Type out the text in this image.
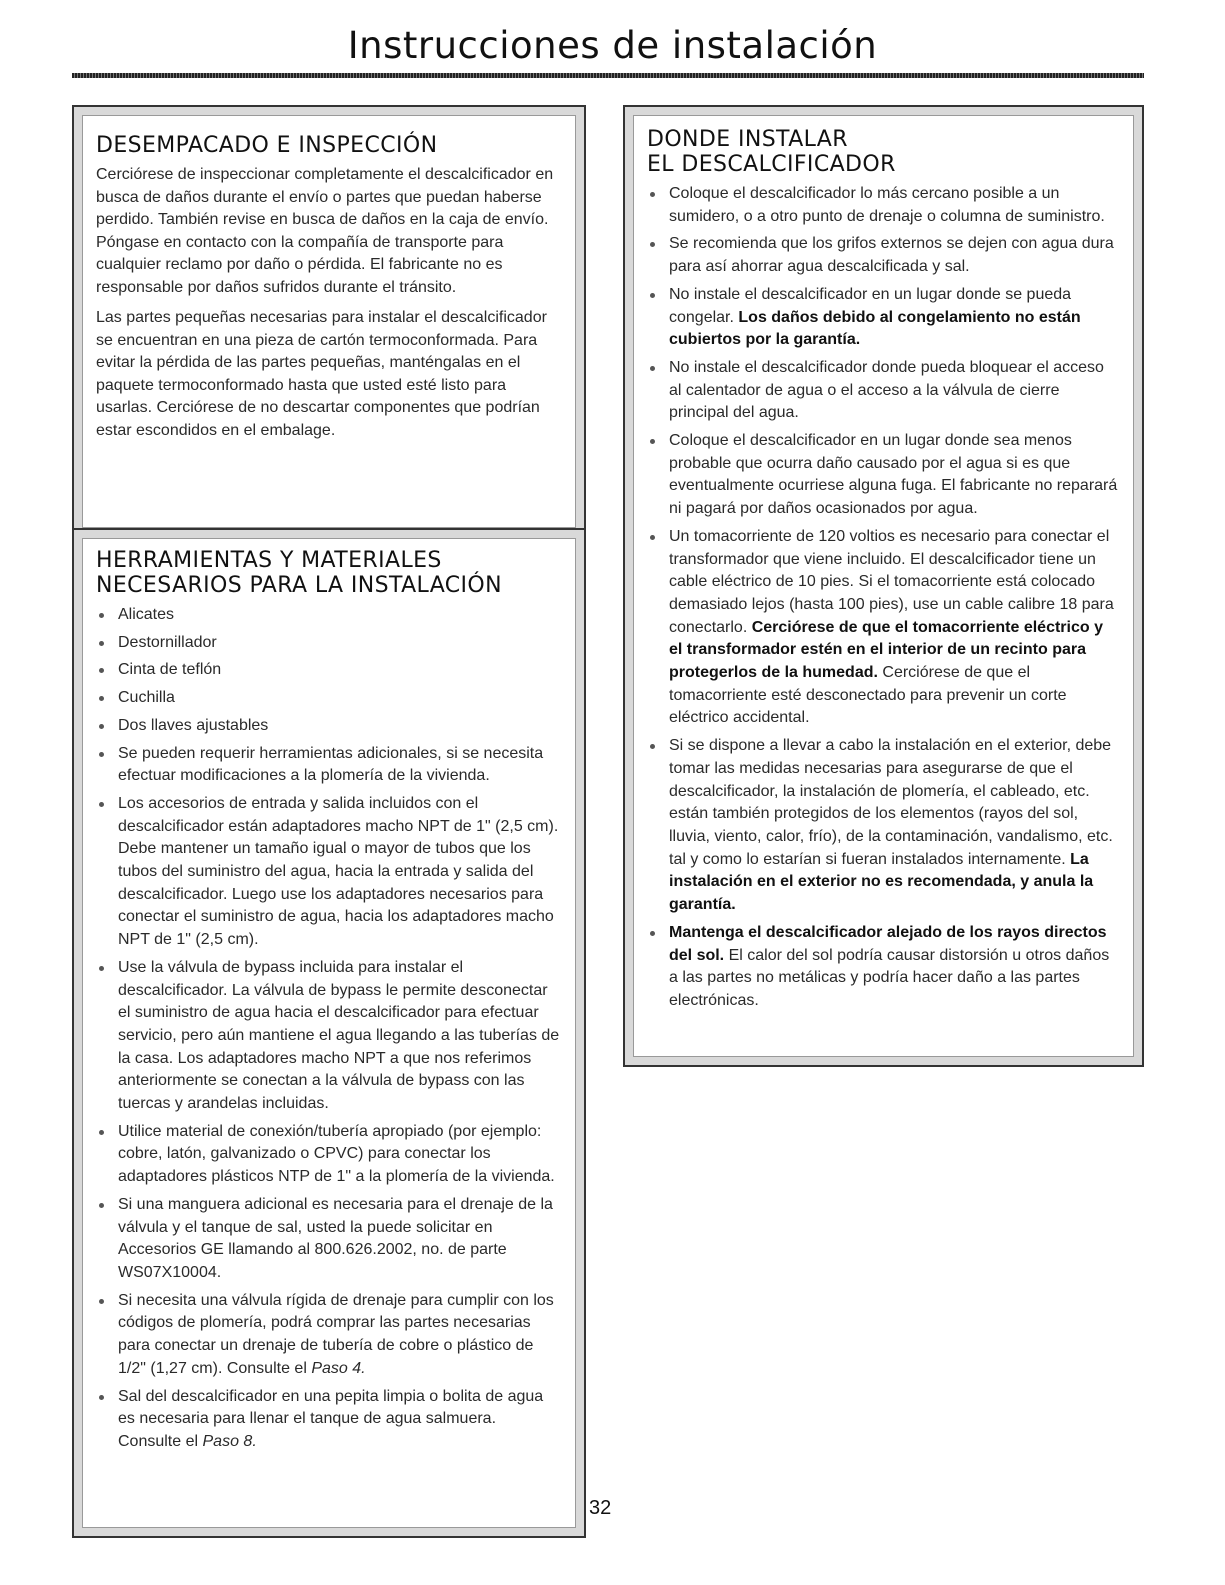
Instrucciones de instalación
DESEMPACADO E INSPECCIÓN

Cerciórese de inspeccionar completamente el descalcificador en busca de daños durante el envío o partes que puedan haberse perdido. También revise en busca de daños en la caja de envío. Póngase en contacto con la compañía de transporte para cualquier reclamo por daño o pérdida. El fabricante no es responsable por daños sufridos durante el tránsito.

Las partes pequeñas necesarias para instalar el descalcificador se encuentran en una pieza de cartón termoconformada. Para evitar la pérdida de las partes pequeñas, manténgalas en el paquete termoconformado hasta que usted esté listo para usarlas. Cerciórese de no descartar componentes que podrían estar escondidos en el embalage.

HERRAMIENTAS Y MATERIALES
NECESARIOS PARA LA INSTALACIÓN
Alicates
Destornillador
Cinta de teflón
Cuchilla
Dos llaves ajustables
Se pueden requerir herramientas adicionales, si se necesita efectuar modificaciones a la plomería de la vivienda.
Los accesorios de entrada y salida incluidos con el descalcificador están adaptadores macho NPT de 1" (2,5 cm). Debe mantener un tamaño igual o mayor de tubos que los tubos del suministro del agua, hacia la entrada y salida del descalcificador. Luego use los adaptadores necesarios para conectar el suministro de agua, hacia los adaptadores macho NPT de 1" (2,5 cm).
Use la válvula de bypass incluida para instalar el descalcificador. La válvula de bypass le permite desconectar el suministro de agua hacia el descalcificador para efectuar servicio, pero aún mantiene el agua llegando a las tuberías de la casa. Los adaptadores macho NPT a que nos referimos anteriormente se conectan a la válvula de bypass con las tuercas y arandelas incluidas.
Utilice material de conexión/tubería apropiado (por ejemplo: cobre, latón, galvanizado o CPVC) para conectar los adaptadores plásticos NTP de 1" a la plomería de la vivienda.
Si una manguera adicional es necesaria para el drenaje de la válvula y el tanque de sal, usted la puede solicitar en Accesorios GE llamando al 800.626.2002, no. de parte WS07X10004.
Si necesita una válvula rígida de drenaje para cumplir con los códigos de plomería, podrá comprar las partes necesarias para conectar un drenaje de tubería de cobre o plástico de 1/2" (1,27 cm). Consulte el Paso 4.
Sal del descalcificador en una pepita limpia o bolita de agua es necesaria para llenar el tanque de agua salmuera. Consulte el Paso 8.
DONDE INSTALAR
EL DESCALCIFICADOR
Coloque el descalcificador lo más cercano posible a un sumidero, o a otro punto de drenaje o columna de suministro.
Se recomienda que los grifos externos se dejen con agua dura para así ahorrar agua descalcificada y sal.
No instale el descalcificador en un lugar donde se pueda congelar. Los daños debido al congelamiento no están cubiertos por la garantía.
No instale el descalcificador donde pueda bloquear el acceso al calentador de agua o el acceso a la válvula de cierre principal del agua.
Coloque el descalcificador en un lugar donde sea menos probable que ocurra daño causado por el agua si es que eventualmente ocurriese alguna fuga. El fabricante no reparará ni pagará por daños ocasionados por agua.
Un tomacorriente de 120 voltios es necesario para conectar el transformador que viene incluido. El descalcificador tiene un cable eléctrico de 10 pies. Si el tomacorriente está colocado demasiado lejos (hasta 100 pies), use un cable calibre 18 para conectarlo. Cerciórese de que el tomacorriente eléctrico y el transformador estén en el interior de un recinto para protegerlos de la humedad. Cerciórese de que el tomacorriente esté desconectado para prevenir un corte eléctrico accidental.
Si se dispone a llevar a cabo la instalación en el exterior, debe tomar las medidas necesarias para asegurarse de que el descalcificador, la instalación de plomería, el cableado, etc. están también protegidos de los elementos (rayos del sol, lluvia, viento, calor, frío), de la contaminación, vandalismo, etc. tal y como lo estarían si fueran instalados internamente. La instalación en el exterior no es recomendada, y anula la garantía.
Mantenga el descalcificador alejado de los rayos directos del sol. El calor del sol podría causar distorsión u otros daños a las partes no metálicas y podría hacer daño a las partes electrónicas.
32
